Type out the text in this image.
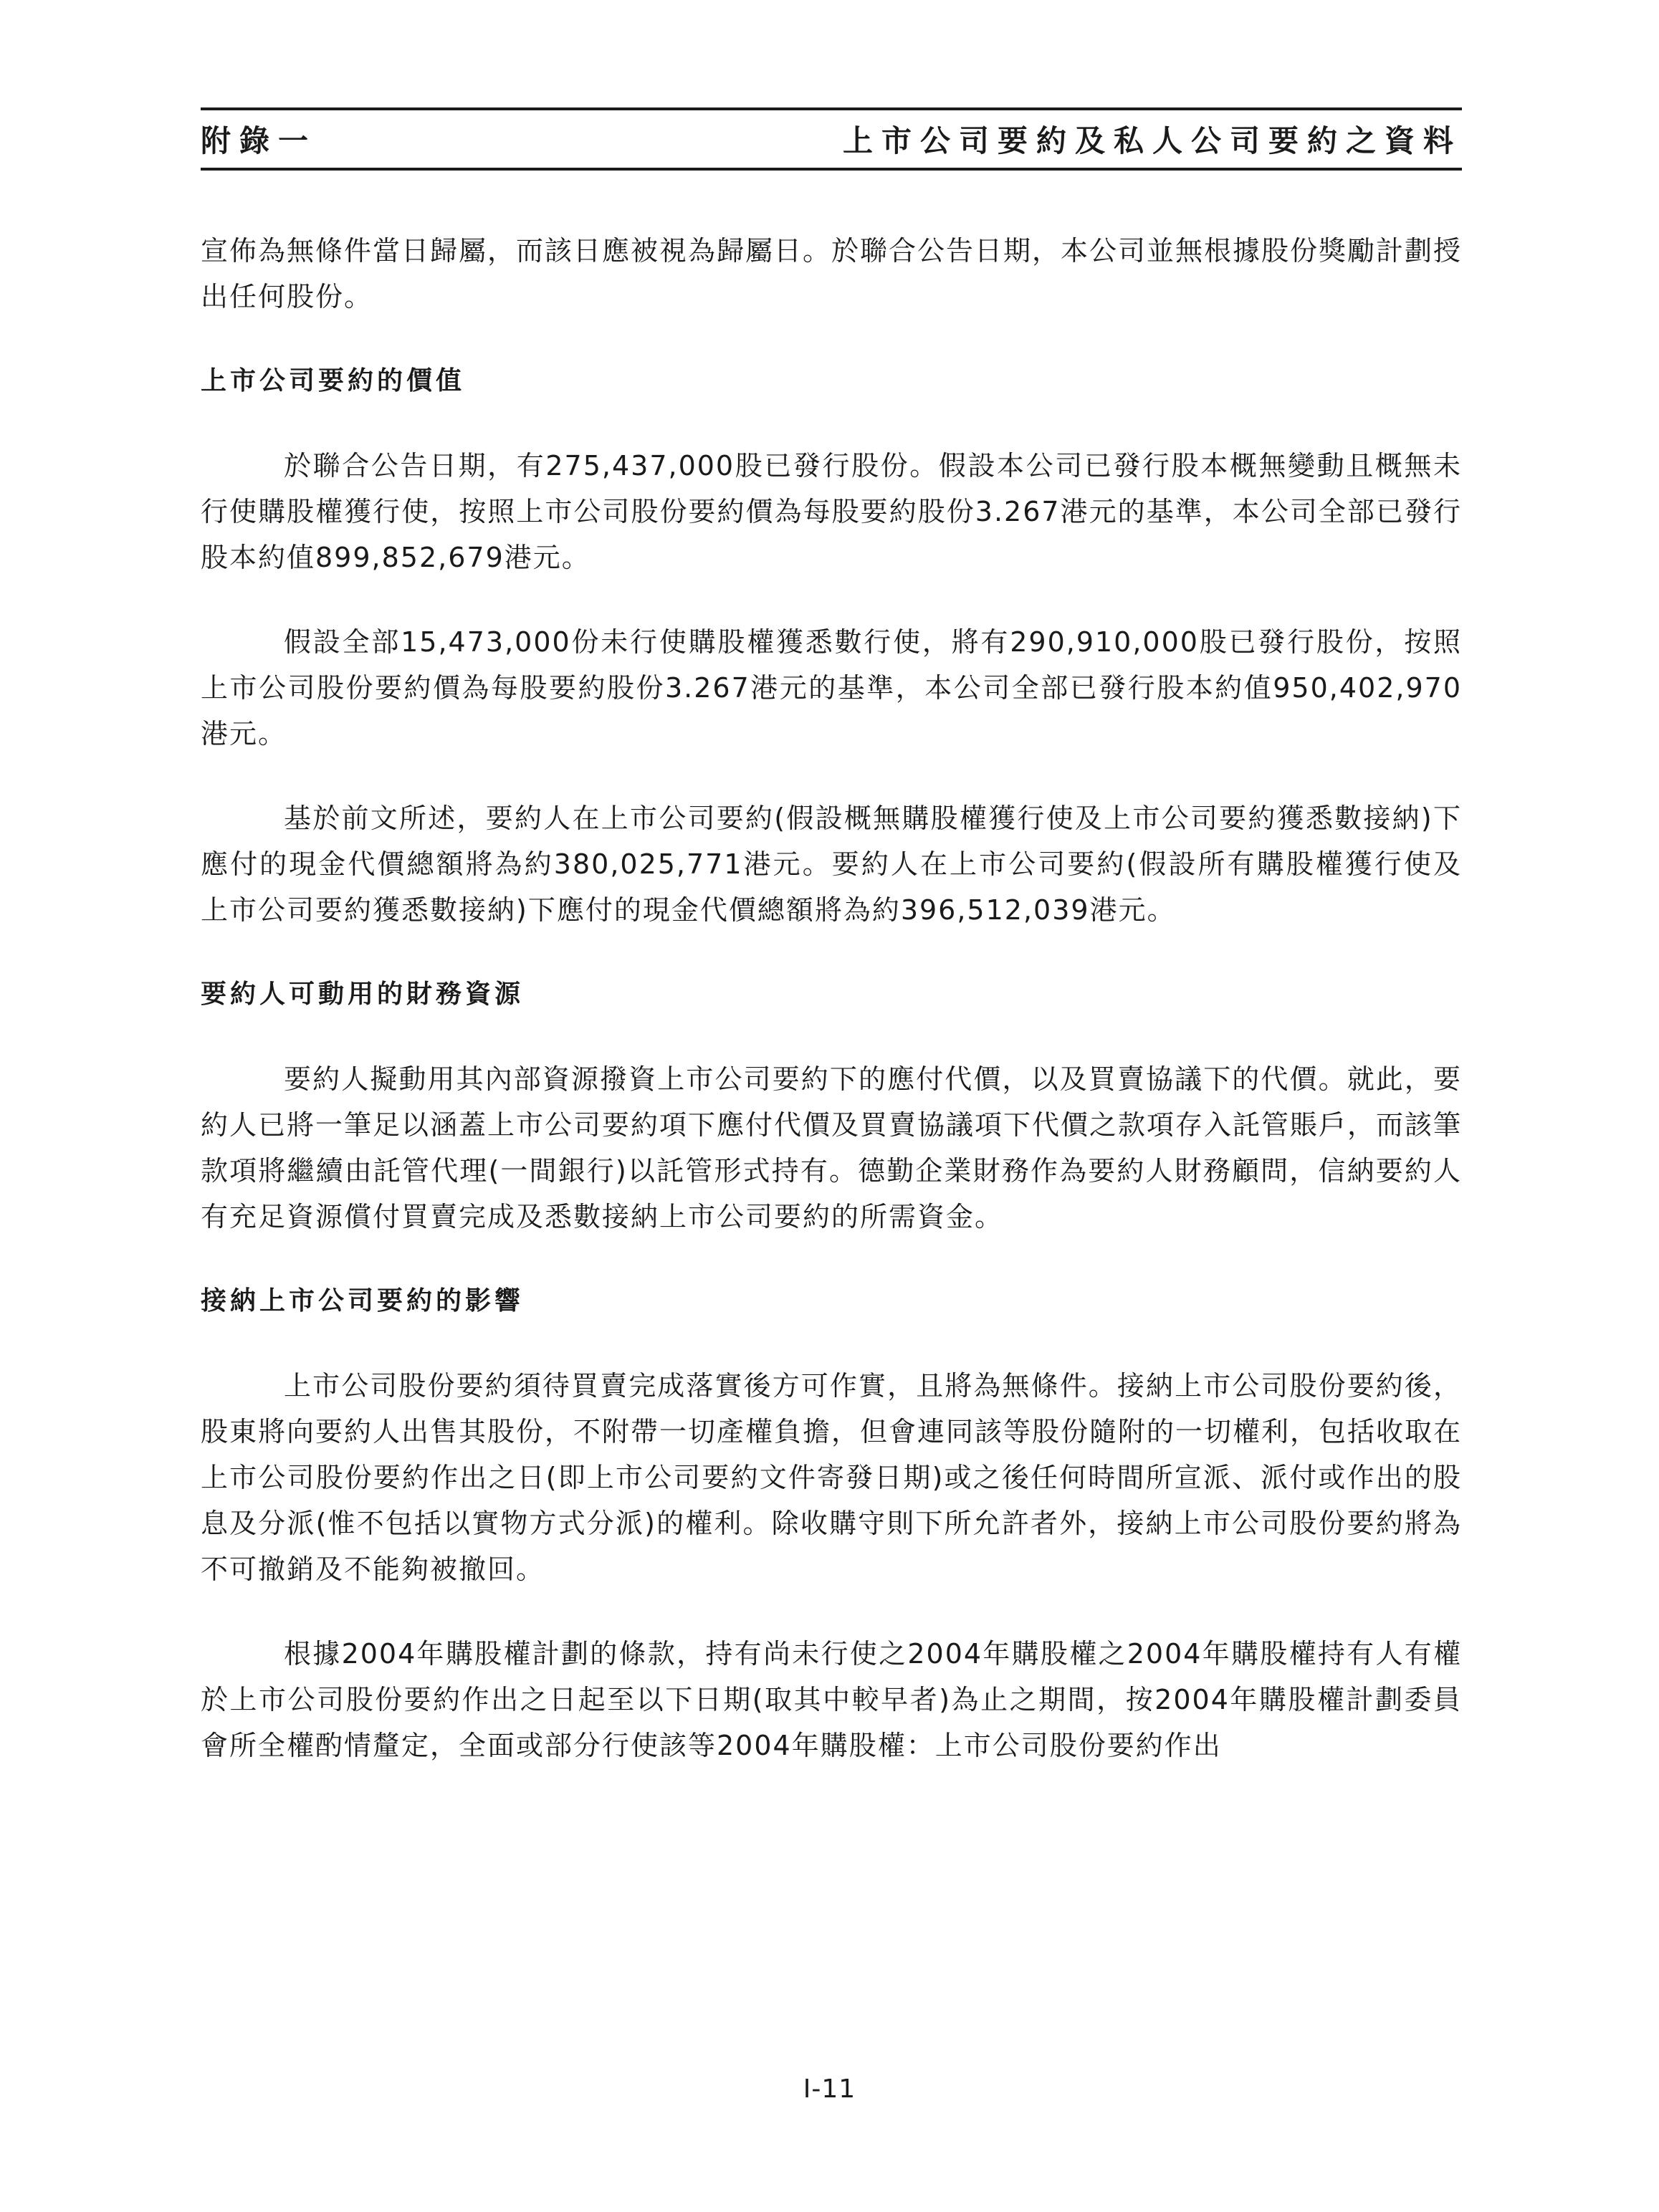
附錄一	上市公司要約及私人公司要約之資料

宣佈為無條件當日歸屬，而該日應被視為歸屬日。於聯合公告日期，本公司並無根據股份獎勵計劃授出任何股份。

上市公司要約的價值

於聯合公告日期，有275,437,000股已發行股份。假設本公司已發行股本概無變動且概無未行使購股權獲行使，按照上市公司股份要約價為每股要約股份3.267港元的基準，本公司全部已發行股本約值899,852,679港元。

假設全部15,473,000份未行使購股權獲悉數行使，將有290,910,000股已發行股份，按照上市公司股份要約價為每股要約股份3.267港元的基準，本公司全部已發行股本約值950,402,970港元。

基於前文所述，要約人在上市公司要約(假設概無購股權獲行使及上市公司要約獲悉數接納)下應付的現金代價總額將為約380,025,771港元。要約人在上市公司要約(假設所有購股權獲行使及上市公司要約獲悉數接納)下應付的現金代價總額將為約396,512,039港元。

要約人可動用的財務資源

要約人擬動用其內部資源撥資上市公司要約下的應付代價，以及買賣協議下的代價。就此，要約人已將一筆足以涵蓋上市公司要約項下應付代價及買賣協議項下代價之款項存入託管賬戶，而該筆款項將繼續由託管代理(一間銀行)以託管形式持有。德勤企業財務作為要約人財務顧問，信納要約人有充足資源償付買賣完成及悉數接納上市公司要約的所需資金。

接納上市公司要約的影響

上市公司股份要約須待買賣完成落實後方可作實，且將為無條件。接納上市公司股份要約後，股東將向要約人出售其股份，不附帶一切產權負擔，但會連同該等股份隨附的一切權利，包括收取在上市公司股份要約作出之日(即上市公司要約文件寄發日期)或之後任何時間所宣派、派付或作出的股息及分派(惟不包括以實物方式分派)的權利。除收購守則下所允許者外，接納上市公司股份要約將為不可撤銷及不能夠被撤回。

根據2004年購股權計劃的條款，持有尚未行使之2004年購股權之2004年購股權持有人有權於上市公司股份要約作出之日起至以下日期(取其中較早者)為止之期間，按2004年購股權計劃委員會所全權酌情釐定，全面或部分行使該等2004年購股權：上市公司股份要約作出

I-11
